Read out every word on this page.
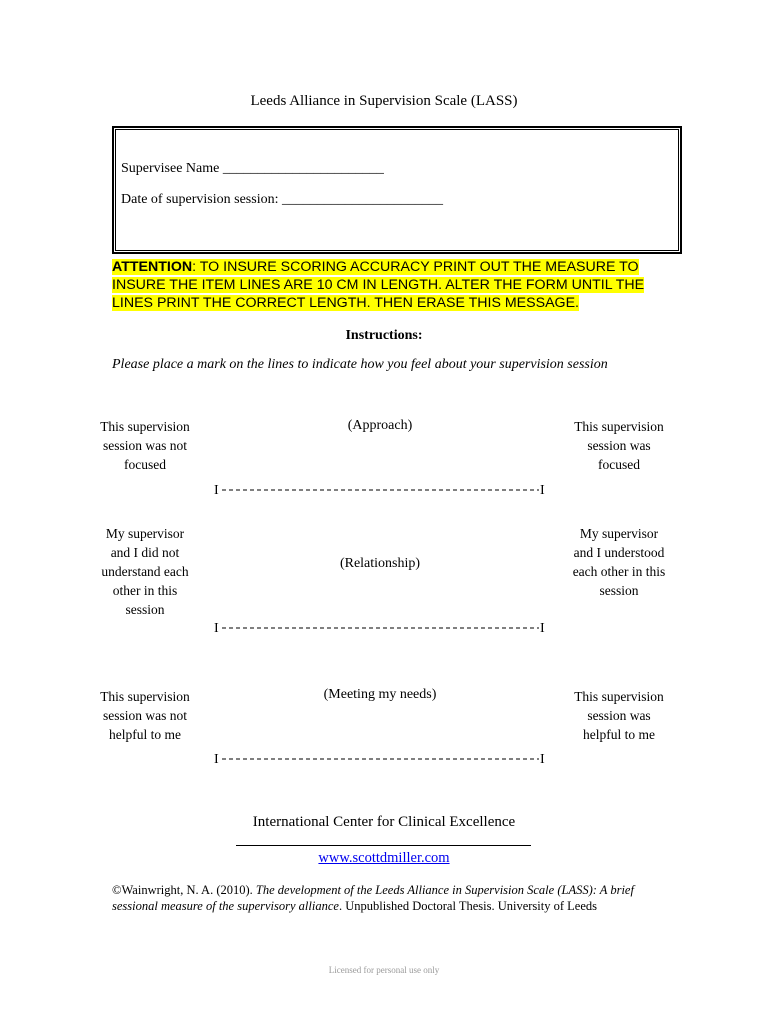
Leeds Alliance in Supervision Scale (LASS)
Supervisee Name _______________________
Date of supervision session: _______________________
ATTENTION: TO INSURE SCORING ACCURACY PRINT OUT THE MEASURE TO INSURE THE ITEM LINES ARE 10 CM IN LENGTH. ALTER THE FORM UNTIL THE LINES PRINT THE CORRECT LENGTH. THEN ERASE THIS MESSAGE.
Instructions:
Please place a mark on the lines to indicate how you feel about your supervision session
This supervision session was not focused
(Approach)	This supervision session was focused
I	I
My supervisor and I did not understand each other in this session
(Relationship)
My supervisor and I understood each other in this session
I	I
This supervision session was not helpful to me
(Meeting my needs)	This supervision session was helpful to me
I	I
International Center for Clinical Excellence
www.scottdmiller.com
©Wainwright, N. A. (2010). The development of the Leeds Alliance in Supervision Scale (LASS): A brief sessional measure of the supervisory alliance. Unpublished Doctoral Thesis. University of Leeds
Licensed for personal use only
